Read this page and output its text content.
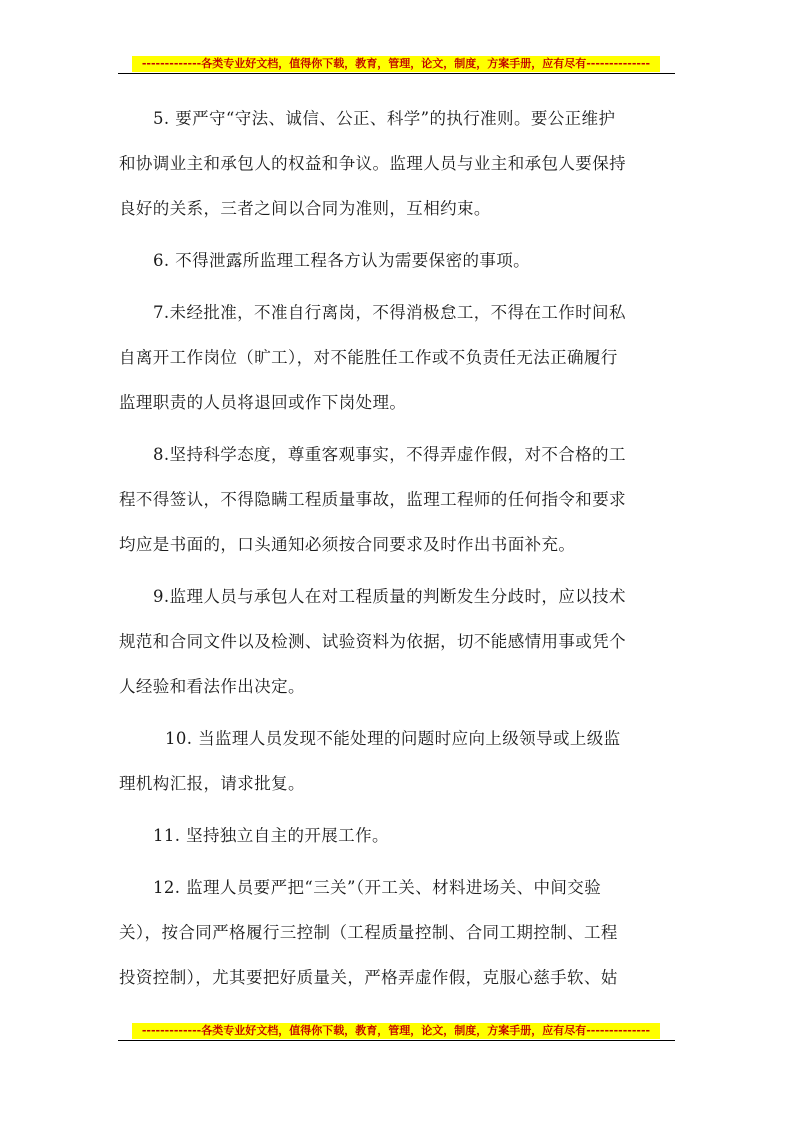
-------------各类专业好文档，值得你下载，教育，管理，论文，制度，方案手册，应有尽有--------------
5. 要严守“守法、诚信、公正、科学”的执行准则。要公正维护
和协调业主和承包人的权益和争议。监理人员与业主和承包人要保持
良好的关系，三者之间以合同为准则，互相约束。
6. 不得泄露所监理工程各方认为需要保密的事项。
7.未经批准，不准自行离岗，不得消极怠工，不得在工作时间私
自离开工作岗位（旷工），对不能胜任工作或不负责任无法正确履行
监理职责的人员将退回或作下岗处理。
8.坚持科学态度，尊重客观事实，不得弄虚作假，对不合格的工
程不得签认，不得隐瞒工程质量事故，监理工程师的任何指令和要求
均应是书面的，口头通知必须按合同要求及时作出书面补充。
9.监理人员与承包人在对工程质量的判断发生分歧时，应以技术
规范和合同文件以及检测、试验资料为依据，切不能感情用事或凭个
人经验和看法作出决定。
10. 当监理人员发现不能处理的问题时应向上级领导或上级监
理机构汇报，请求批复。
11. 坚持独立自主的开展工作。
12. 监理人员要严把“三关”（开工关、材料进场关、中间交验
关），按合同严格履行三控制（工程质量控制、合同工期控制、工程
投资控制），尤其要把好质量关，严格弄虚作假，克服心慈手软、姑
-------------各类专业好文档，值得你下载，教育，管理，论文，制度，方案手册，应有尽有--------------
